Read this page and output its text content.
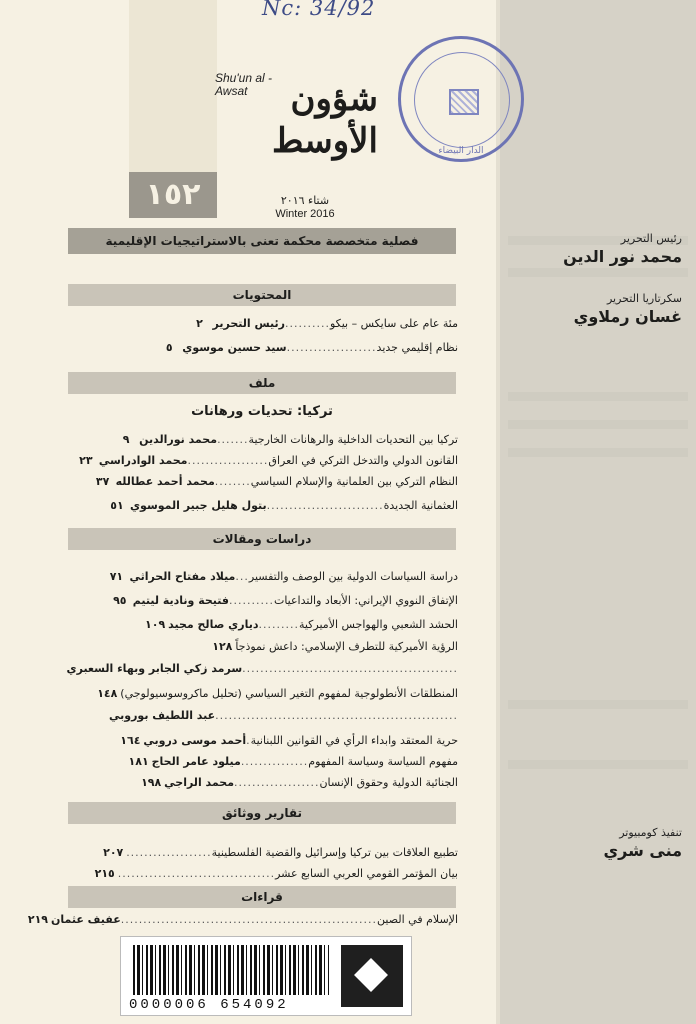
Nc: 34/92
الدار البيضاء
Shu'un al - Awsat	شؤون الأوسط
١٥٢	شتاء ٢٠١٦
Winter 2016
فصلية متخصصة محكمة تعنى بالاستراتيجيات الإقليمية
المحتويات
مئة عام على سايكس – بيكو..........رئيس التحرير٢
نظام إقليمي جديد....................سيد حسين موسوي٥
ملف
تركيا: تحديات ورهانات
تركيا بين التحديات الداخلية والرهانات الخارجية.......محمد نورالدين٩
القانون الدولي والتدخل التركي في العراق..................محمد الوادراسي٢٣
النظام التركي بين العلمانية والإسلام السياسي........محمد أحمد عطالله٣٧
العثمانية الجديدة..........................بتول هليل جبير الموسوي٥١
دراسات ومقالات
دراسة السياسات الدولية بين الوصف والتفسير...ميلاد مفتاح الحراثي٧١
الإتفاق النووي الإيراني: الأبعاد والتداعيات..........فتيحة ونادية ليتيم٩٥
الحشد الشعبي والهواجس الأميركية.........دياري صالح مجيد١٠٩
الرؤية الأميركية للتطرف الإسلامي: داعش نموذجاً١٢٨
................................................سرمد زكي الجابر وبهاء السعبري
المنطلقات الأنطولوجية لمفهوم التغير السياسي (تحليل ماكروسوسيولوجي)١٤٨
......................................................عبد اللطيف بوروبي
حرية المعتقد وابداء الرأي في القوانين اللبنانية.أحمد موسى دروبي١٦٤
مفهوم السياسة وسياسة المفهوم...............ميلود عامر الحاج١٨١
الجنائية الدولية وحقوق الإنسان...................محمد الراجي١٩٨
تقارير ووثائق
تطبيع العلاقات بين تركيا وإسرائيل والقضية الفلسطينية...................٢٠٧
بيان المؤتمر القومي العربي السابع عشر...................................٢١٥
قراءات
الإسلام في الصين.........................................................عفيف عثمان٢١٩
رئيس التحرير
محمد نور الدين
سكرتاريا التحرير
غسان رملاوي
تنفيذ كومبيوتر
منى شري
0000006 654092
